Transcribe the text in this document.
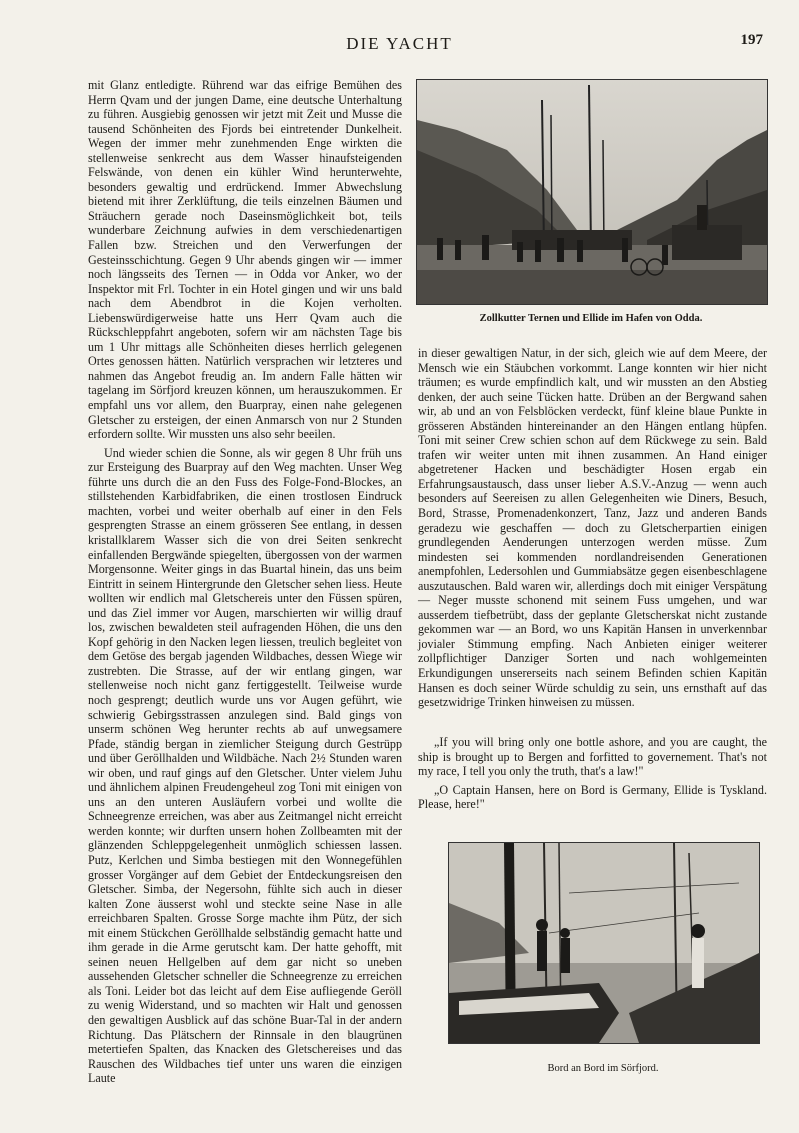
DIE YACHT	197

mit Glanz entledigte. Rührend war das eifrige Bemühen des Herrn Qvam und der jungen Dame, eine deutsche Unterhaltung zu führen. Ausgiebig genossen wir jetzt mit Zeit und Musse die tausend Schönheiten des Fjords bei eintretender Dunkelheit. Wegen der immer mehr zunehmenden Enge wirkten die stellenweise senkrecht aus dem Wasser hinaufsteigenden Felswände, von denen ein kühler Wind herunterwehte, besonders gewaltig und erdrückend. Immer Abwechslung bietend mit ihrer Zerklüftung, die teils einzelnen Bäumen und Sträuchern gerade noch Daseinsmöglichkeit bot, teils wunderbare Zeichnung aufwies in dem verschiedenartigen Fallen bzw. Streichen und den Verwerfungen der Gesteinsschichtung. Gegen 9 Uhr abends gingen wir — immer noch längsseits des Ternen — in Odda vor Anker, wo der Inspektor mit Frl. Tochter in ein Hotel gingen und wir uns bald nach dem Abendbrot in die Kojen verholten. Liebenswürdigerweise hatte uns Herr Qvam auch die Rückschleppfahrt angeboten, sofern wir am nächsten Tage bis um 1 Uhr mittags alle Schönheiten dieses herrlich gelegenen Ortes genossen hätten. Natürlich versprachen wir letzteres und nahmen das Angebot freudig an. Im andern Falle hätten wir tagelang im Sörfjord kreuzen können, um herauszukommen. Er empfahl uns vor allem, den Buarpray, einen nahe gelegenen Gletscher zu ersteigen, der einen Anmarsch von nur 2 Stunden erfordern sollte. Wir mussten uns also sehr beeilen.

Und wieder schien die Sonne, als wir gegen 8 Uhr früh uns zur Ersteigung des Buarpray auf den Weg machten. Unser Weg führte uns durch die an den Fuss des Folge-Fond-Blockes, an stillstehenden Karbidfabriken, die einen trostlosen Eindruck machten, vorbei und weiter oberhalb auf einer in den Fels gesprengten Strasse an einem grösseren See entlang, in dessen kristallklarem Wasser sich die von drei Seiten senkrecht einfallenden Bergwände spiegelten, übergossen von der warmen Morgensonne. Weiter gings in das Buartal hinein, das uns beim Eintritt in seinem Hintergrunde den Gletscher sehen liess. Heute wollten wir endlich mal Gletschereis unter den Füssen spüren, und das Ziel immer vor Augen, marschierten wir willig drauf los, zwischen bewaldeten steil aufragenden Höhen, die uns den Kopf gehörig in den Nacken legen liessen, treulich begleitet von dem Getöse des bergab jagenden Wildbaches, dessen Wiege wir zustrebten. Die Strasse, auf der wir entlang gingen, war stellenweise noch nicht ganz fertiggestellt. Teilweise wurde noch gesprengt; deutlich wurde uns vor Augen geführt, wie schwierig Gebirgsstrassen anzulegen sind. Bald gings von unserm schönen Weg herunter rechts ab auf unwegsamere Pfade, ständig bergan in ziemlicher Steigung durch Gestrüpp und über Geröllhalden und Wildbäche. Nach 2½ Stunden waren wir oben, und rauf gings auf den Gletscher. Unter vielem Juhu und ähnlichem alpinen Freudengeheul zog Toni mit einigen von uns an den unteren Ausläufern vorbei und wollte die Schneegrenze erreichen, was aber aus Zeitmangel nicht erreicht werden konnte; wir durften unsern hohen Zollbeamten mit der glänzenden Schleppgelegenheit unmöglich schiessen lassen. Putz, Kerlchen und Simba bestiegen mit den Wonnegefühlen grosser Vorgänger auf dem Gebiet der Entdeckungsreisen den Gletscher. Simba, der Negersohn, fühlte sich auch in dieser kalten Zone äusserst wohl und steckte seine Nase in alle erreichbaren Spalten. Grosse Sorge machte ihm Pütz, der sich mit einem Stückchen Geröllhalde selbständig gemacht hatte und ihm gerade in die Arme gerutscht kam. Der hatte gehofft, mit seinen neuen Hellgelben auf dem gar nicht so uneben aussehenden Gletscher schneller die Schneegrenze zu erreichen als Toni. Leider bot das leicht auf dem Eise aufliegende Geröll zu wenig Widerstand, und so machten wir Halt und genossen den gewaltigen Ausblick auf das schöne Buar-Tal in der andern Richtung. Das Plätschern der Rinnsale in den blaugrünen metertiefen Spalten, das Knacken des Gletschereises und das Rauschen des Wildbaches tief unter uns waren die einzigen Laute

Zollkutter Ternen und Ellide im Hafen von Odda.

in dieser gewaltigen Natur, in der sich, gleich wie auf dem Meere, der Mensch wie ein Stäubchen vorkommt. Lange konnten wir hier nicht träumen; es wurde empfindlich kalt, und wir mussten an den Abstieg denken, der auch seine Tücken hatte. Drüben an der Bergwand sahen wir, ab und an von Felsblöcken verdeckt, fünf kleine blaue Punkte in grösseren Abständen hintereinander an den Hängen entlang hüpfen. Toni mit seiner Crew schien schon auf dem Rückwege zu sein. Bald trafen wir weiter unten mit ihnen zusammen. An Hand einiger abgetretener Hacken und beschädigter Hosen ergab ein Erfahrungsaustausch, dass unser lieber A.S.V.-Anzug — wenn auch besonders auf Seereisen zu allen Gelegenheiten wie Diners, Besuch, Bord, Strasse, Promenadenkonzert, Tanz, Jazz und anderen Bands geradezu wie geschaffen — doch zu Gletscherpartien einigen grundlegenden Aenderungen unterzogen werden müsse. Zum mindesten sei kommenden nordlandreisenden Generationen anempfohlen, Ledersohlen und Gummiabsätze gegen eisenbeschlagene auszutauschen. Bald waren wir, allerdings doch mit einiger Verspätung — Neger musste schonend mit seinem Fuss umgehen, und war ausserdem tiefbetrübt, dass der geplante Gletscherskat nicht zustande gekommen war — an Bord, wo uns Kapitän Hansen in unverkennbar jovialer Stimmung empfing. Nach Anbieten einiger weiterer zollpflichtiger Danziger Sorten und nach wohlgemeinten Erkundigungen unsererseits nach seinem Befinden schien Kapitän Hansen es doch seiner Würde schuldig zu sein, uns ernsthaft auf das gesetzwidrige Trinken hinweisen zu müssen.

„If you will bring only one bottle ashore, and you are caught, the ship is brought up to Bergen and forfitted to governement. That's not my race, I tell you only the truth, that's a law!"

„O Captain Hansen, here on Bord is Germany, Ellide is Tyskland. Please, here!"

Bord an Bord im Sörfjord.
